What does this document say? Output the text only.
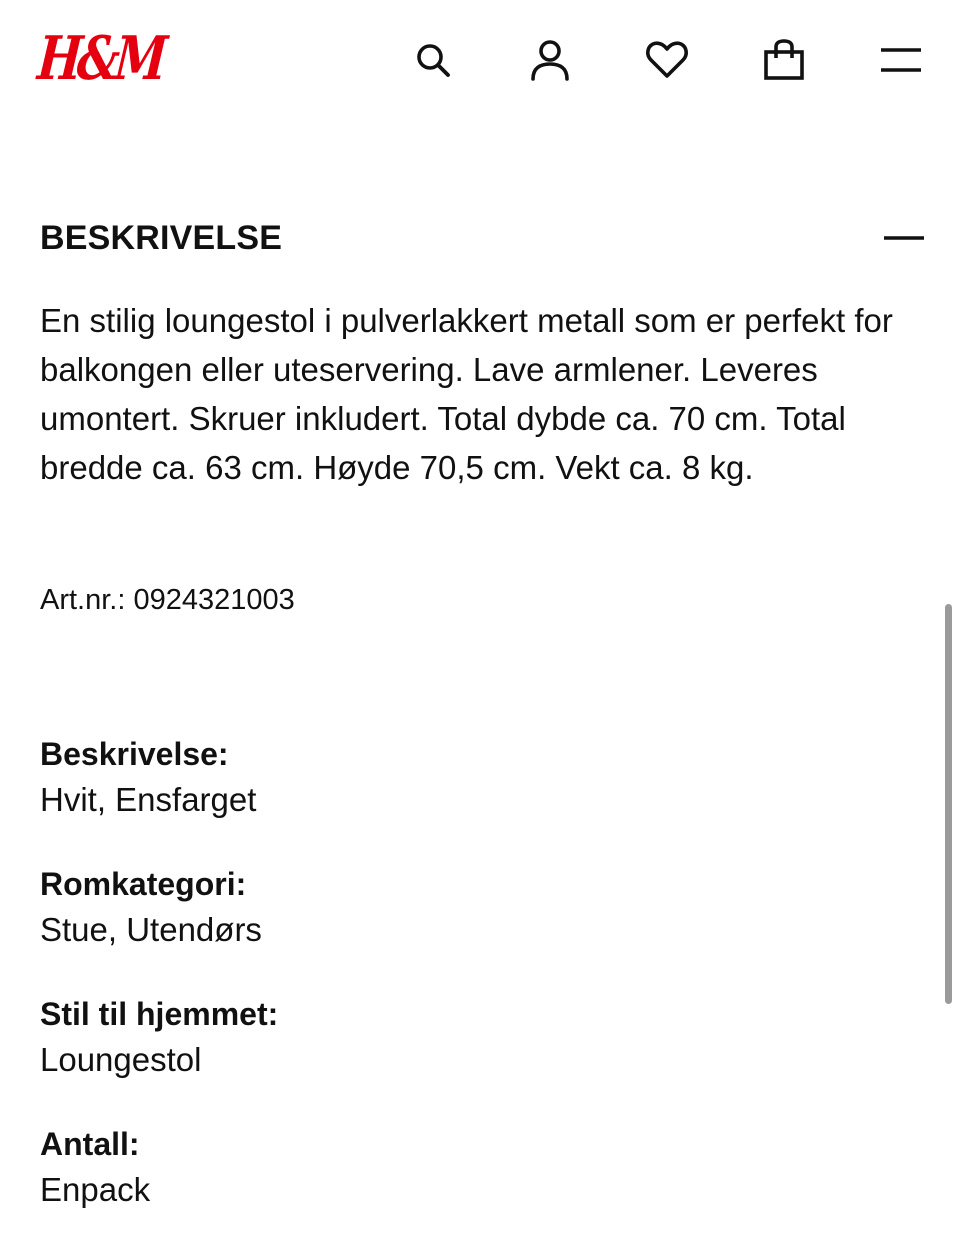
H&M
BESKRIVELSE
En stilig loungestol i pulverlakkert metall som er perfekt for balkongen eller uteservering. Lave armlener. Leveres umontert. Skruer inkludert. Total dybde ca. 70 cm. Total bredde ca. 63 cm. Høyde 70,5 cm. Vekt ca. 8 kg.
Art.nr.: 0924321003
Beskrivelse:
Hvit, Ensfarget
Romkategori:
Stue, Utendørs
Stil til hjemmet:
Loungestol
Antall:
Enpack
